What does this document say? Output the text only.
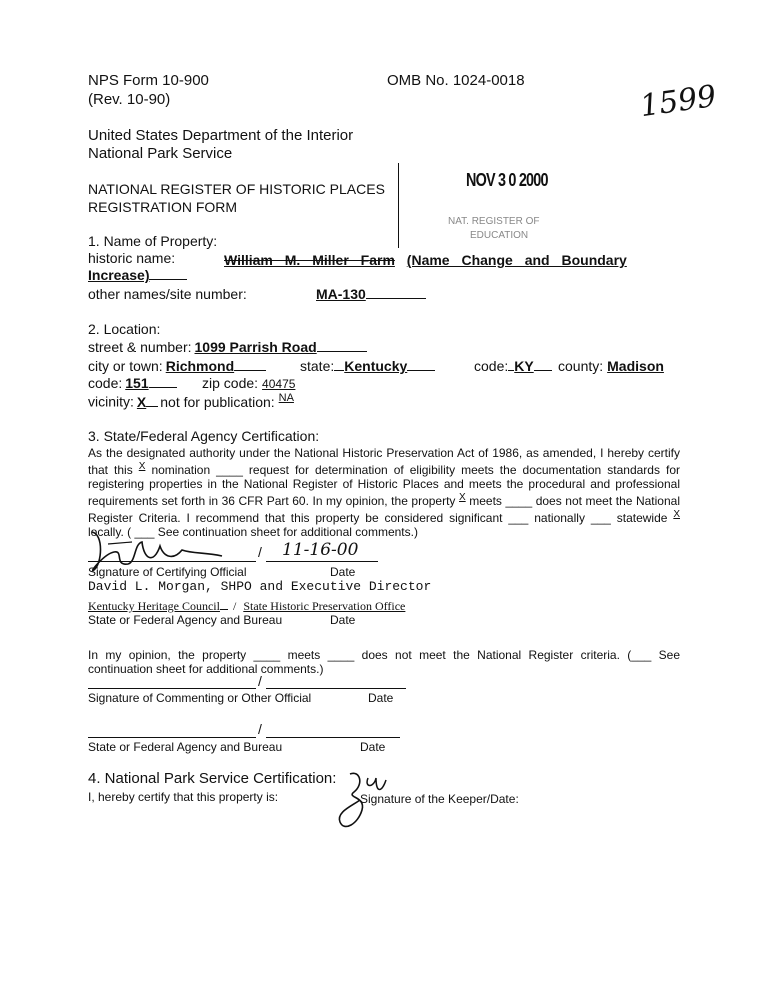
NPS Form 10-900
(Rev. 10-90)
OMB No. 1024-0018	1599
United States Department of the Interior
National Park Service
NATIONAL REGISTER OF HISTORIC PLACES
REGISTRATION FORM
NOV 3 0 2000
NAT. REGISTER OF
EDUCATION
1. Name of Property:
historic name:	William M. Miller Farm (Name Change and Boundary
Increase)
other names/site number:	MA-130
2. Location:
street & number: 1099 Parrish Road
city or town: Richmond	state: Kentucky	code: KY	county: Madison
code: 151	zip code: 40475
vicinity: X not for publication: $^{NA}$
3. State/Federal Agency Certification:
As the designated authority under the National Historic Preservation Act of 1986, as amended, I hereby certify that this $^X$ nomination ____ request for determination of eligibility meets the documentation standards for registering properties in the National Register of Historic Places and meets the procedural and professional requirements set forth in 36 CFR Part 60. In my opinion, the property $^X$ meets ____ does not meet the National Register Criteria. I recommend that this property be considered significant ___ nationally ___ statewide $^X$ locally. ( ___ See continuation sheet for additional comments.)
/ 11-16-00
Signature of Certifying Official	Date
David L. Morgan, SHPO and Executive Director
Kentucky Heritage Council / State Historic Preservation Office
State or Federal Agency and Bureau	Date
In my opinion, the property ____ meets ____ does not meet the National Register criteria. (___ See continuation sheet for additional comments.)
/
Signature of Commenting or Other Official	Date
/
State or Federal Agency and Bureau	Date
4. National Park Service Certification:
I, hereby certify that this property is:	Signature of the Keeper/Date:
